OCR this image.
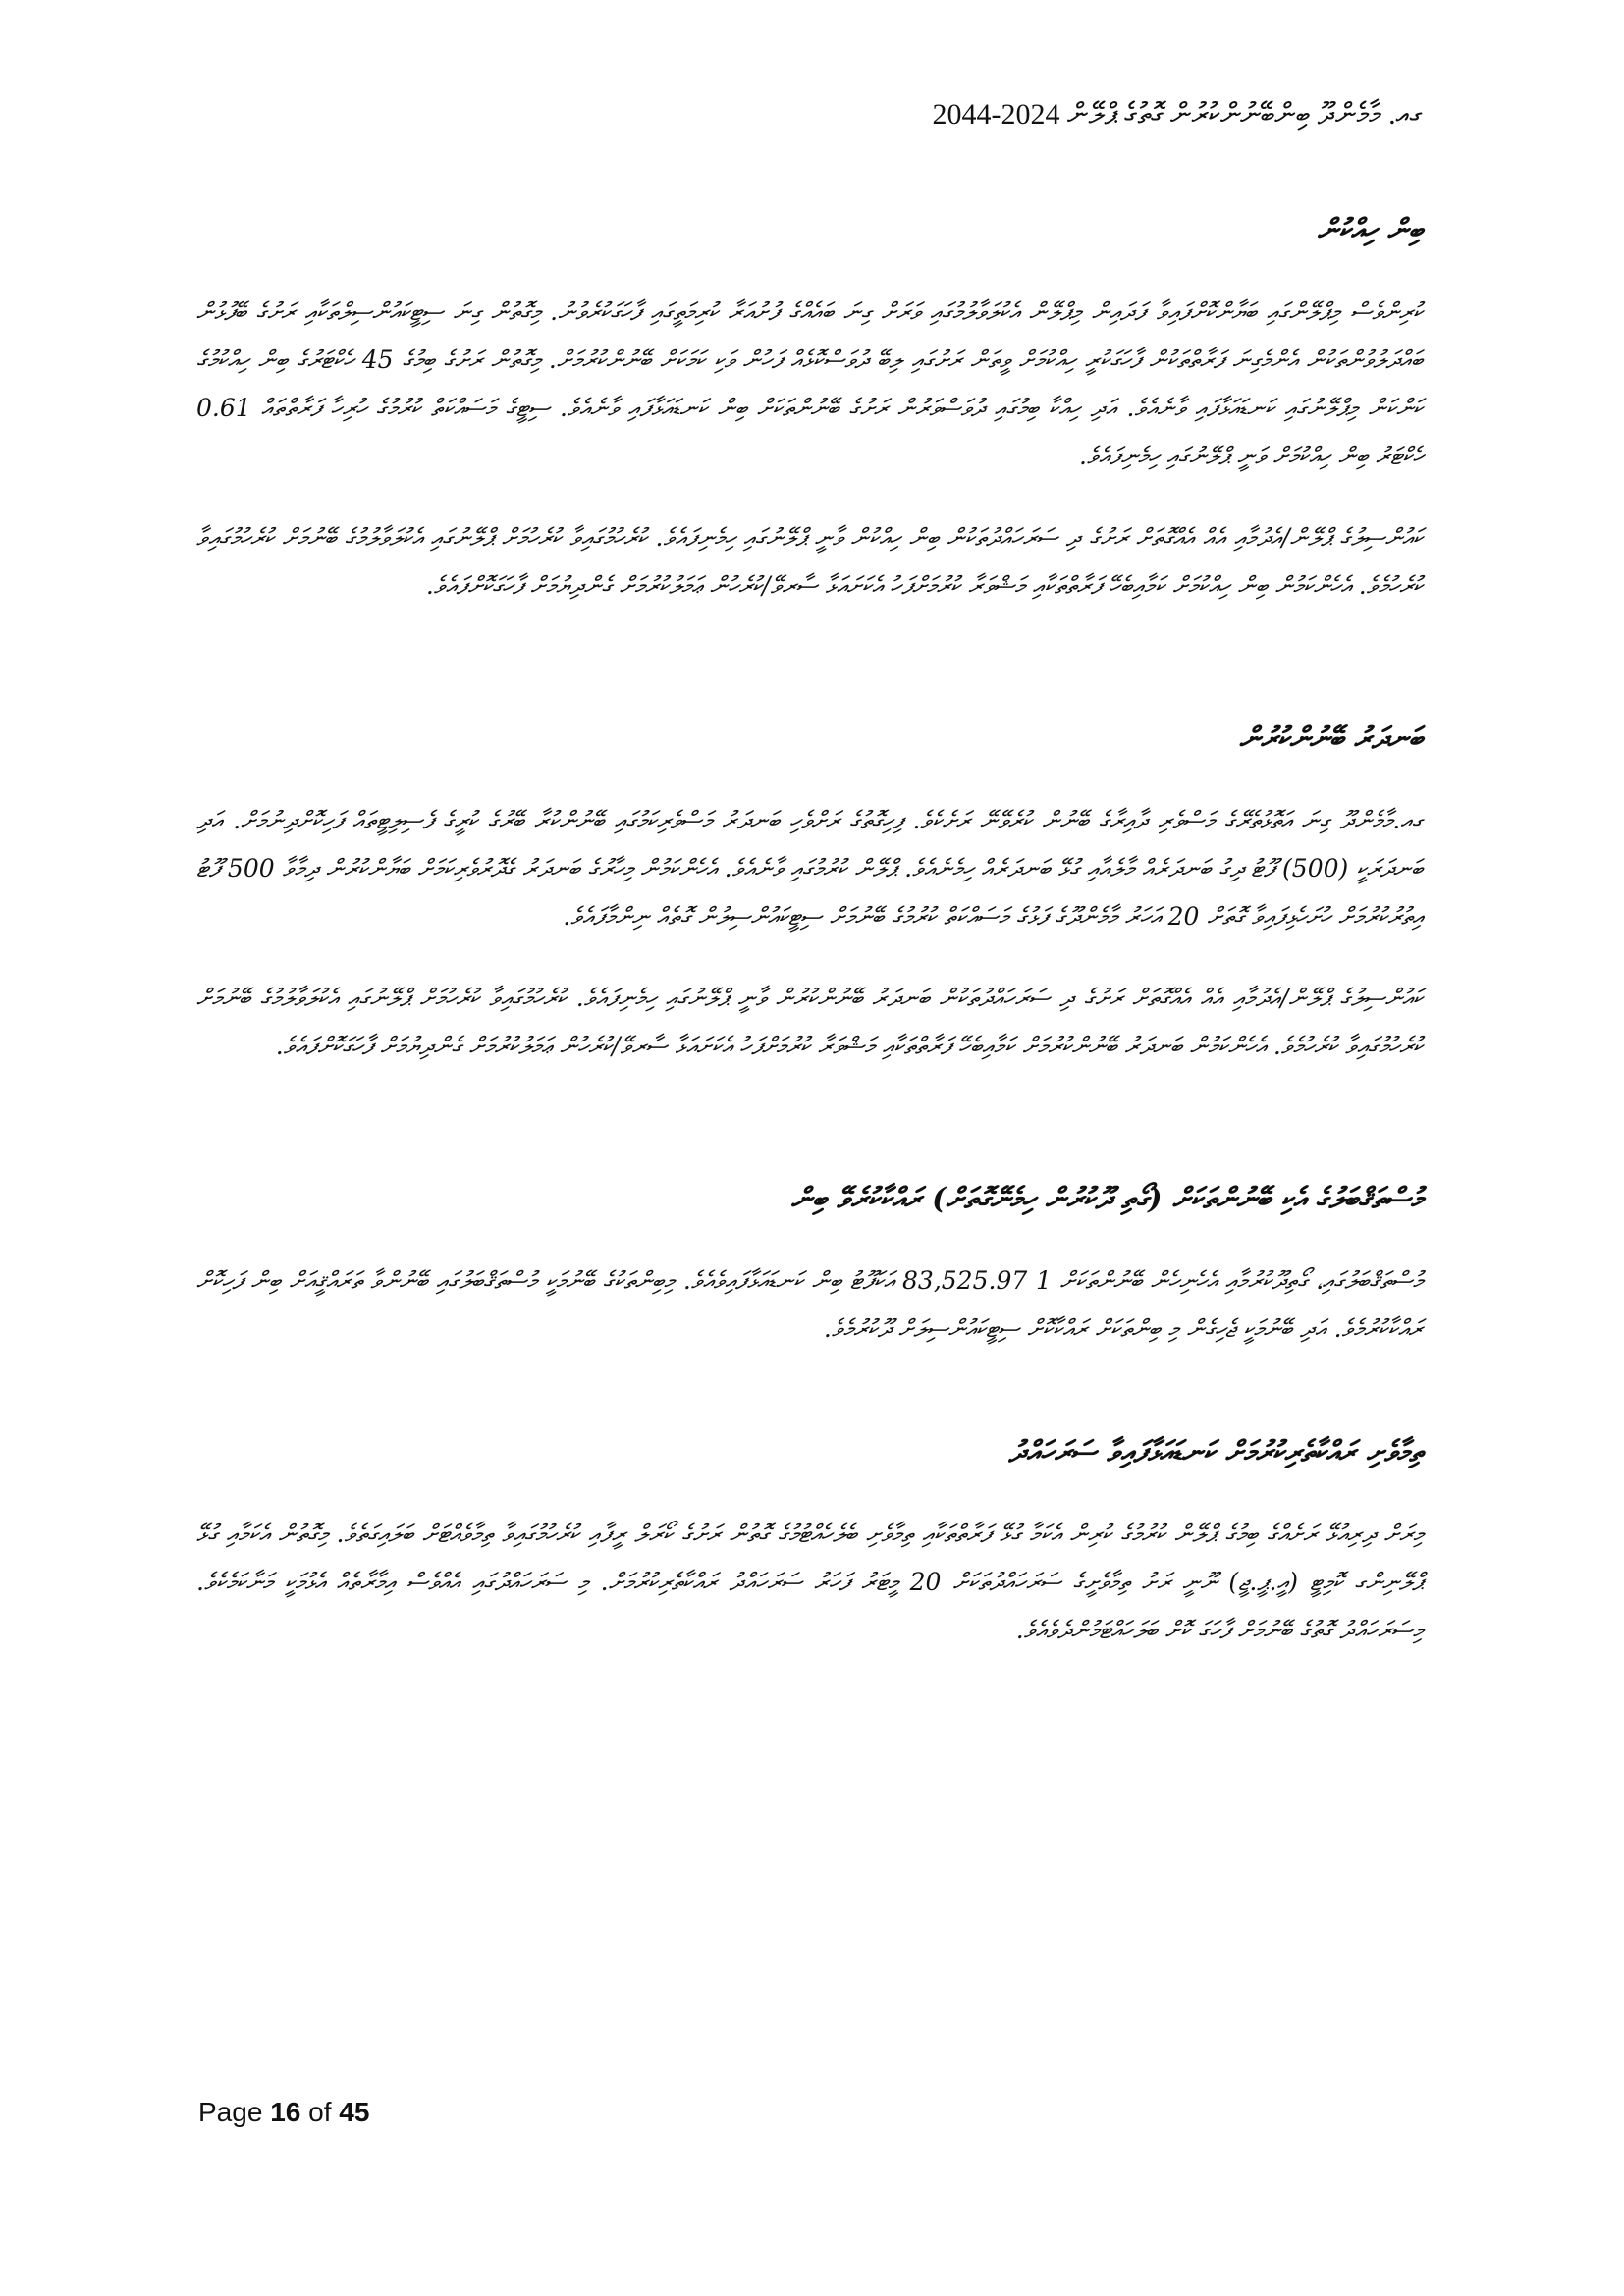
ގއ. މާމެންދޫ ބިންބޭނުންކުރުން ގޮތުގެ ޕްލޭން 2024-2044
ބިން ހިއްކުން

ކުރިންވެސް މިޕްލޭންގައި ބަޔާންކޮށްފައިވާ ފަދައިން މިޕްލޭން އެކުލަވާލުމުގައި ވަރަށް ގިނަ ބައެއްގެ ފުށުއަރާ ކުރިމަތީގައި ފާހަގަކުރެވުނު. މިގޮތުން ގިނަ ސިޓީކައުންސިލްތަކާއި ރަށުގެ ބޭފުޅުން ބައްދަލުވުންތަކުން އެންމެގިނަ ފަރާތްތަކުން ފާހަގަކުރީ ހިއްކުމަށް ވީތަން ރަށުގައި ލިބޭ ދުވަސްކޮޅެއް ފަހުން ވަކި ކަމަކަށް ބޭނުންކުރުމަށް. މިގޮތުން ރަށުގެ ބިމުގެ 45 ހެކްޓަރުގެ ބިން ހިއްކުމުގެ ކަންކަން މިޕްލޭނުގައި ކަނޑައަޅާފައި ވާނެއެވެ. އަދި ހިއްކާ ބިމުގައި ދުވަސްވަރުން ރަށުގެ ބޭނުންތަކަށް ބިން ކަނޑައަޅާފައި ވާނެއެވެ. ސިޓީގެ މަސައްކަތް ކުރުމުގެ ހުރިހާ ފަރާތްތައް 0.61 ހެކްޓަރު ބިން ހިއްކުމަށް ވަނީ ޕްލޭނުގައި ހިމެނިފައެވެ.

ކައުންސިލުގެ ޕްލޭން/އެދުމާއި އެއް އެއްގޮތަށް ރަށުގެ ދި ސަރަހައްދުތަކުން ބިން ހިއްކުން ވާނީ ޕްލޭނުގައި ހިމެނިފައެވެ. ކުރެހުމުގައިވާ ކުރެހުމަށް ޕްލޭނުގައި އެކުލަވާލުމުގެ ބޭނުމަށް ކުރެހުމުގައިވާ ކުރެހުމެވެ. އެހެންކަމުން ބިން ހިއްކުމަށް ކަމާއިބެހޭ ފަރާތްތަކާއި މަޝްވަރާ ކުރުމަށްފަހު އެކަށައަޅާ ސާރވޭ/ކުރެހުން ޢަމަލުކުރުމަށް ގެންދިޔުމަށް ފާހަގަކޮށްފައެވެ.

ބަނދަރު ބޭނުންކުރުން

ގއ.މާމެންދޫ ގިނަ އަތޮޅުތެރޭގެ މަސްވެރި ދާއިރާގެ ބޭނުން ކުރެވޭނޭ ރަށެކެވެ. ފިހިގޮތުގެ ރަށްވެހި ބަނދަރު މަސްވެރިކަމުގައި ބޭނުންކުރާ ބޭރުގެ ކުރީގެ ފެސިލިޓީތައް ފަހިކޮށްދިނުމަށް. އަދި ބަނދަރަކީ (500) ފޫޓު ދިގު ބަނދަރެއް މާލެއާއި ގުޅޭ ބަނދަރެއް ހިމެނެއެވެ. ޕްލޭން ކުރުމުގައި ވާނެއެވެ. އެހެންކަމުން މިހާރުގެ ބަނދަރު ގެދޮރުވެރިކަމަށް ބަޔާންކުރުން ދިމާވާ 500 ފޫޓު އިތުރުކުރުމަށް ހުށަހެޅިފައިވާ ގޮތަށް 20 އަހަރު މާމެންދޫގެ ފަޅުގެ މަސައްކަތް ކުރުމުގެ ބޭނުމަށް ސިޓީކައުންސިލުން ގޮތެއް ނިންމާފައެވެ.

ކައުންސިލުގެ ޕްލޭން/އެދުމާއި އެއް އެއްގޮތަށް ރަށުގެ ދި ސަރަހައްދުތަކުން ބަނދަރު ބޭނުންކުރުން ވާނީ ޕްލޭނުގައި ހިމެނިފައެވެ. ކުރެހުމުގައިވާ ކުރެހުމަށް ޕްލޭނުގައި އެކުލަވާލުމުގެ ބޭނުމަށް ކުރެހުމުގައިވާ ކުރެހުމެވެ. އެހެންކަމުން ބަނދަރު ބޭނުންކުރުމަށް ކަމާއިބެހޭ ފަރާތްތަކާއި މަޝްވަރާ ކުރުމަށްފަހު އެކަށައަޅާ ސާރވޭ/ކުރެހުން ޢަމަލުކުރުމަށް ގެންދިޔުމަށް ފާހަގަކޮށްފައެވެ.

މުސްތަޤްބަލުގެ އެކި ބޭނުންތަކަށް (ގޯތި ދޫކުރުން ހިމެނޭގޮތަށް) ރައްކާކުރެވޭ ބިން

މުސްތަޤްބަލުގައި، ގޯތިދޫކުރުމާއި އެހެނިހެން ބޭނުންތަކަށް 1 83,525.97 އަކަފޫޓު ބިން ކަނޑައަޅާފައިވެއެވެ. މިބިންތަކުގެ ބޭނުމަކީ މުސްތަޤްބަލުގައި ބޭނުންވާ ތަރައްޤީއަށް ބިން ފަހިކޮށް ރައްކާކުރުމެވެ. އަދި ބޭނުމަކީ ޖެހިގެން މި ބިންތަކަށް ރައްކާކޮށް ސިޓީކައުންސިލަށް ދޫކުރުމެވެ.

ތިމާވެށި ރައްކާތެރިކުރުމަށް ކަނޑައަޅާފައިވާ ސަރަހައްދު

މިރަށް ދިރިއުޅޭ ރަށެއްގެ ބިމުގެ ޕްލޭން ކުރުމުގެ ކުރިން އެކަމާ ގުޅޭ ފަރާތްތަކާއި ތިމާވެށި ބެލެހެއްޓުމުގެ ގޮތުން ރަށުގެ ކޯރަލް ރީފާއި ކުރެހުމުގައިވާ ތިމާވެއްޓަށް ބަލައިގަތެވެ. މިގޮތުން އެކަމާއި ގުޅޭ ޕްލޭނިންގ ކޮމިޓީ (އީ.ޕީ.ޖީ) ނޫނީ ރަށު ތިމާވެށީގެ ސަރަހައްދުތަކަށް 20 މީޓަރު ފަހަރު ސަރަހައްދު ރައްކާތެރިކުރުމަށް. މި ސަރަހައްދުގައި އެއްވެސް އިމާރާތެއް އެޅުމަކީ މަނާކަމެކެވެ. މިސަރަހައްދު ގޮތުގެ ބޭނުމަށް ފާހަގަ ކޮށް ބަލަހައްޓަމުންދެވެއެވެ.

Page 16 of 45
